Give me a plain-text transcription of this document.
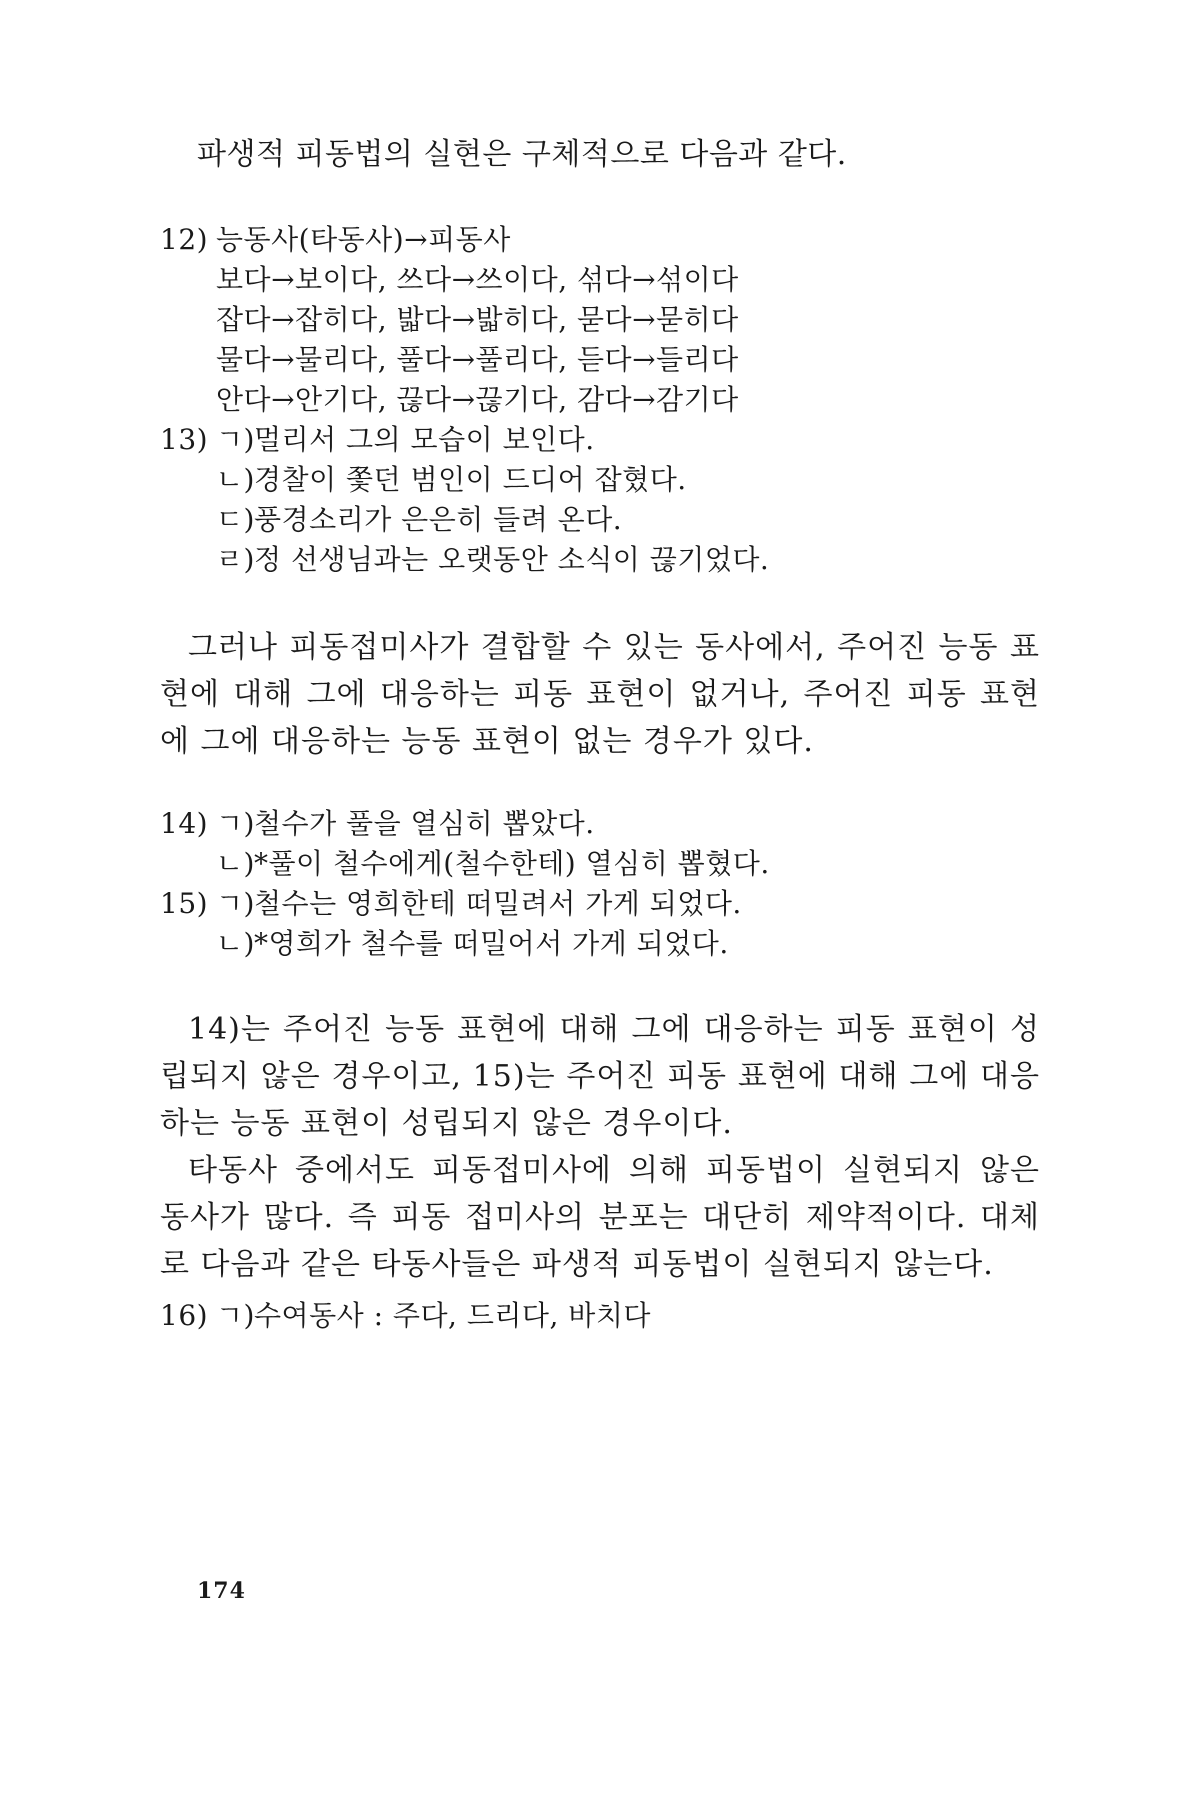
파생적 피동법의 실현은 구체적으로 다음과 같다.
12) 능동사(타동사)→피동사
보다→보이다, 쓰다→쓰이다, 섞다→섞이다
잡다→잡히다, 밟다→밟히다, 묻다→묻히다
물다→물리다, 풀다→풀리다, 듣다→들리다
안다→안기다, 끊다→끊기다, 감다→감기다
13) ㄱ)멀리서 그의 모습이 보인다.
ㄴ)경찰이 쫓던 범인이 드디어 잡혔다.
ㄷ)풍경소리가 은은히 들려 온다.
ㄹ)정 선생님과는 오랫동안 소식이 끊기었다.
그러나 피동접미사가 결합할 수 있는 동사에서, 주어진 능동 표현에 대해 그에 대응하는 피동 표현이 없거나, 주어진 피동 표현에 그에 대응하는 능동 표현이 없는 경우가 있다.
14) ㄱ)철수가 풀을 열심히 뽑았다.
ㄴ)*풀이 철수에게(철수한테) 열심히 뽑혔다.
15) ㄱ)철수는 영희한테 떠밀려서 가게 되었다.
ㄴ)*영희가 철수를 떠밀어서 가게 되었다.
14)는 주어진 능동 표현에 대해 그에 대응하는 피동 표현이 성립되지 않은 경우이고, 15)는 주어진 피동 표현에 대해 그에 대응하는 능동 표현이 성립되지 않은 경우이다.
타동사 중에서도 피동접미사에 의해 피동법이 실현되지 않은 동사가 많다. 즉 피동 접미사의 분포는 대단히 제약적이다. 대체로 다음과 같은 타동사들은 파생적 피동법이 실현되지 않는다.
16) ㄱ)수여동사 : 주다, 드리다, 바치다
174
